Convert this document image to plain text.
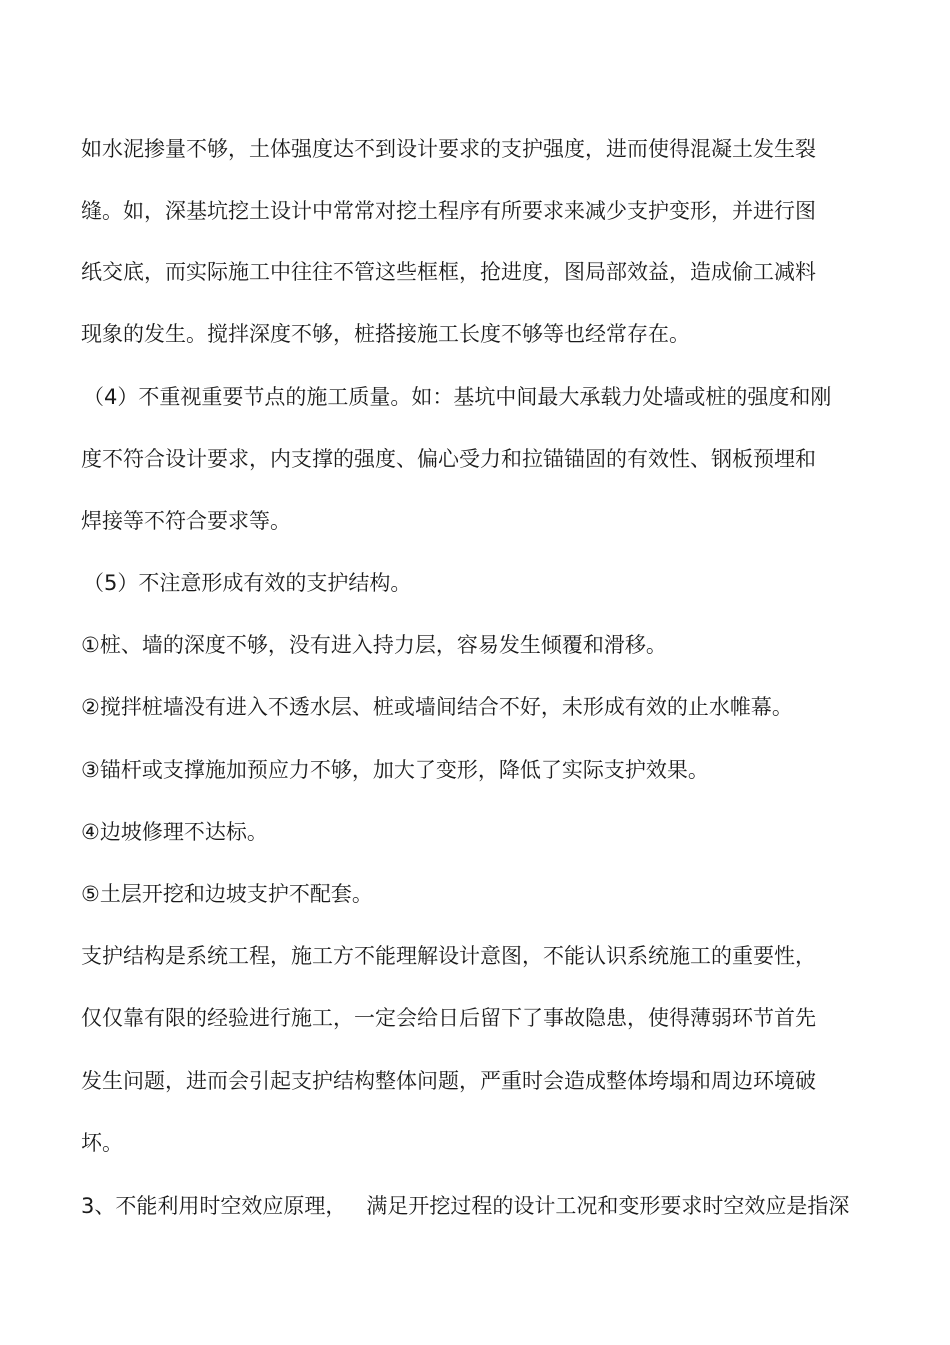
如水泥掺量不够，土体强度达不到设计要求的支护强度，进而使得混凝土发生裂
缝。如，深基坑挖土设计中常常对挖土程序有所要求来减少支护变形，并进行图
纸交底，而实际施工中往往不管这些框框，抢进度，图局部效益，造成偷工减料
现象的发生。搅拌深度不够，桩搭接施工长度不够等也经常存在。
（4）不重视重要节点的施工质量。如：基坑中间最大承载力处墙或桩的强度和刚
度不符合设计要求，内支撑的强度、偏心受力和拉锚锚固的有效性、钢板预埋和
焊接等不符合要求等。
（5）不注意形成有效的支护结构。
①桩、墙的深度不够，没有进入持力层，容易发生倾覆和滑移。
②搅拌桩墙没有进入不透水层、桩或墙间结合不好，未形成有效的止水帷幕。
③锚杆或支撑施加预应力不够，加大了变形，降低了实际支护效果。
④边坡修理不达标。
⑤土层开挖和边坡支护不配套。
支护结构是系统工程，施工方不能理解设计意图，不能认识系统施工的重要性，
仅仅靠有限的经验进行施工，一定会给日后留下了事故隐患，使得薄弱环节首先
发生问题，进而会引起支护结构整体问题，严重时会造成整体垮塌和周边环境破
坏。
3、不能利用时空效应原理，   满足开挖过程的设计工况和变形要求时空效应是指深
